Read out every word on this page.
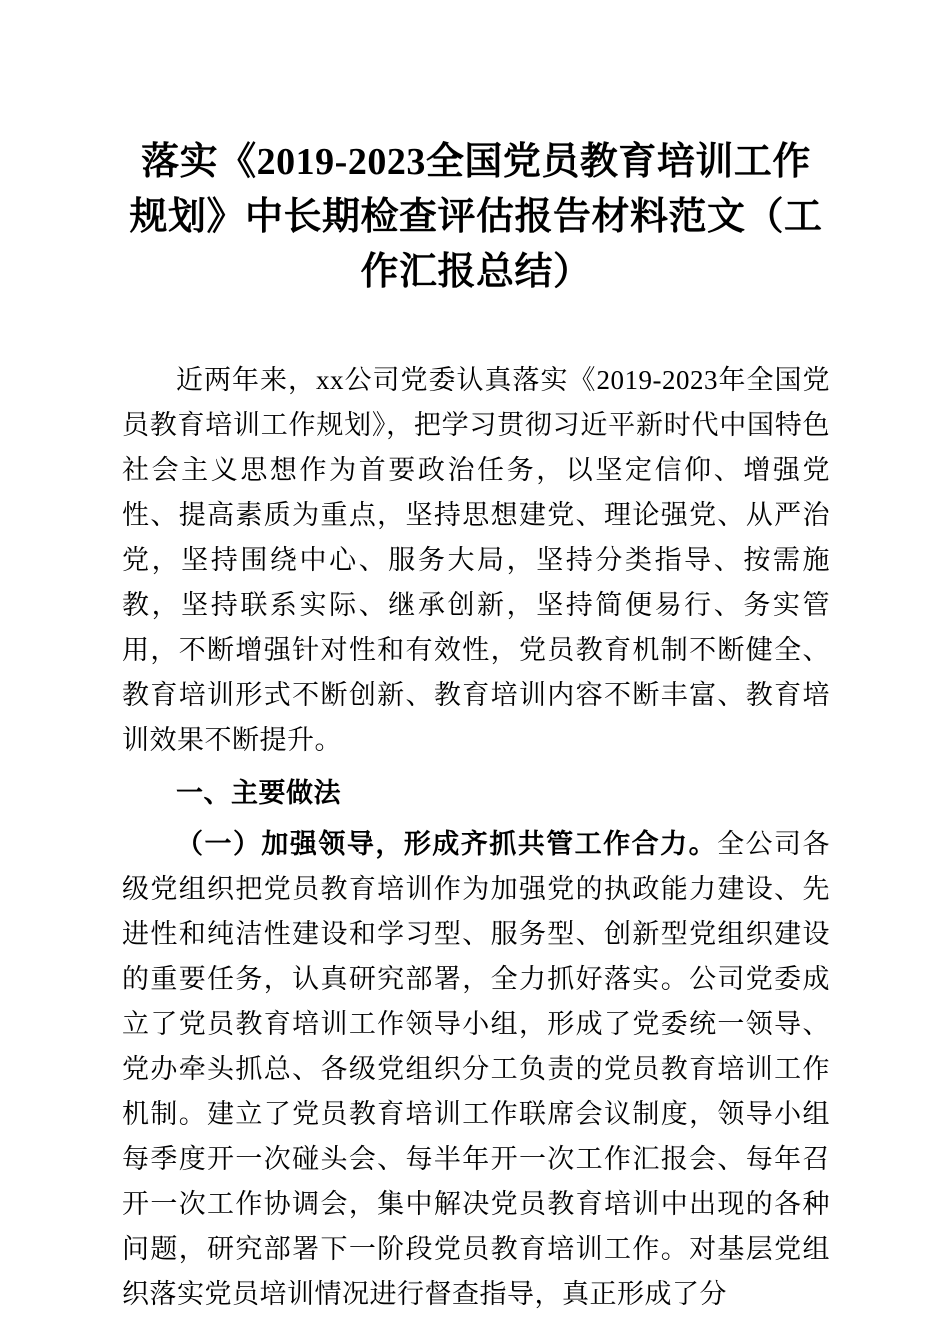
落实《2019-2023全国党员教育培训工作规划》中长期检查评估报告材料范文（工作汇报总结）

近两年来，xx公司党委认真落实《2019-2023年全国党员教育培训工作规划》，把学习贯彻习近平新时代中国特色社会主义思想作为首要政治任务，以坚定信仰、增强党性、提高素质为重点，坚持思想建党、理论强党、从严治党，坚持围绕中心、服务大局，坚持分类指导、按需施教，坚持联系实际、继承创新，坚持简便易行、务实管用，不断增强针对性和有效性，党员教育机制不断健全、教育培训形式不断创新、教育培训内容不断丰富、教育培训效果不断提升。

一、主要做法

（一）加强领导，形成齐抓共管工作合力。全公司各级党组织把党员教育培训作为加强党的执政能力建设、先进性和纯洁性建设和学习型、服务型、创新型党组织建设的重要任务，认真研究部署，全力抓好落实。公司党委成立了党员教育培训工作领导小组，形成了党委统一领导、党办牵头抓总、各级党组织分工负责的党员教育培训工作机制。建立了党员教育培训工作联席会议制度，领导小组每季度开一次碰头会、每半年开一次工作汇报会、每年召开一次工作协调会，集中解决党员教育培训中出现的各种问题，研究部署下一阶段党员教育培训工作。对基层党组织落实党员培训情况进行督查指导，真正形成了分
